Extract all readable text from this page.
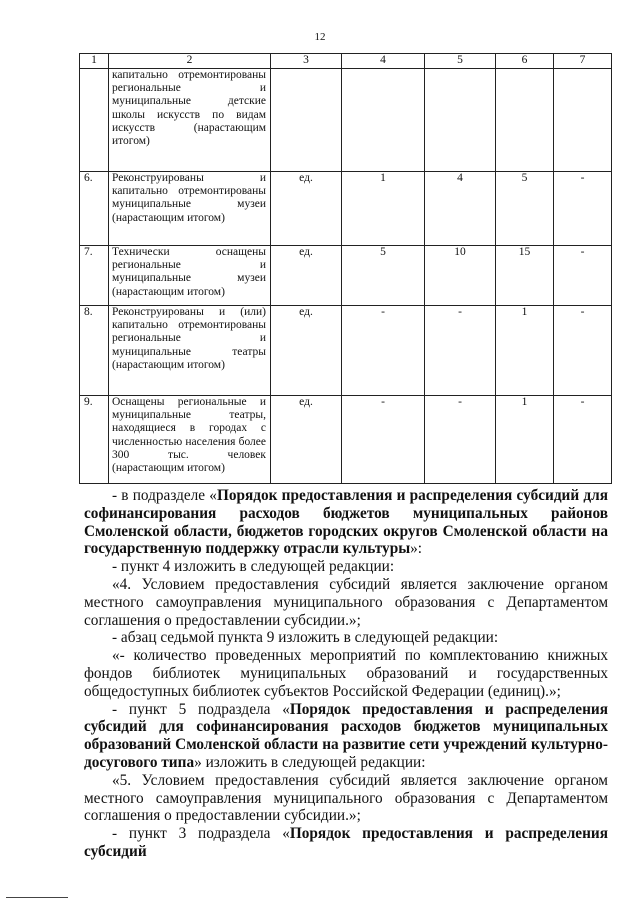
12
1	2	3	4	5	6	7

	капитально отремонтированы региональные и муниципальные детские школы искусств по видам искусств (нарастающим итогом)					

6.	Реконструированы и капитально отремонтированы муниципальные музеи (нарастающим итогом)	ед.	1	4	5	-
7.	Технически оснащены региональные и муниципальные музеи (нарастающим итогом)	ед.	5	10	15	-
8.	Реконструированы и (или) капитально отремонтированы региональные и муниципальные театры (нарастающим итогом)	ед.	-	-	1	-
9.	Оснащены региональные и муниципальные театры, находящиеся в городах с численностью населения более 300 тыс. человек (нарастающим итогом)	ед.	-	-	1	-

- в подразделе «Порядок предоставления и распределения субсидий для софинансирования расходов бюджетов муниципальных районов Смоленской области, бюджетов городских округов Смоленской области на государственную поддержку отрасли культуры»:

- пункт 4 изложить в следующей редакции:

«4. Условием предоставления субсидий является заключение органом местного самоуправления муниципального образования с Департаментом соглашения о предоставлении субсидии.»;

- абзац седьмой пункта 9 изложить в следующей редакции:

«- количество проведенных мероприятий по комплектованию книжных фондов библиотек муниципальных образований и государственных общедоступных библиотек субъектов Российской Федерации (единиц).»;

- пункт 5 подраздела «Порядок предоставления и распределения субсидий для софинансирования расходов бюджетов муниципальных образований Смоленской области на развитие сети учреждений культурно-досугового типа» изложить в следующей редакции:

«5. Условием предоставления субсидий является заключение органом местного самоуправления муниципального образования с Департаментом соглашения о предоставлении субсидии.»;

- пункт 3 подраздела «Порядок предоставления и распределения субсидий
